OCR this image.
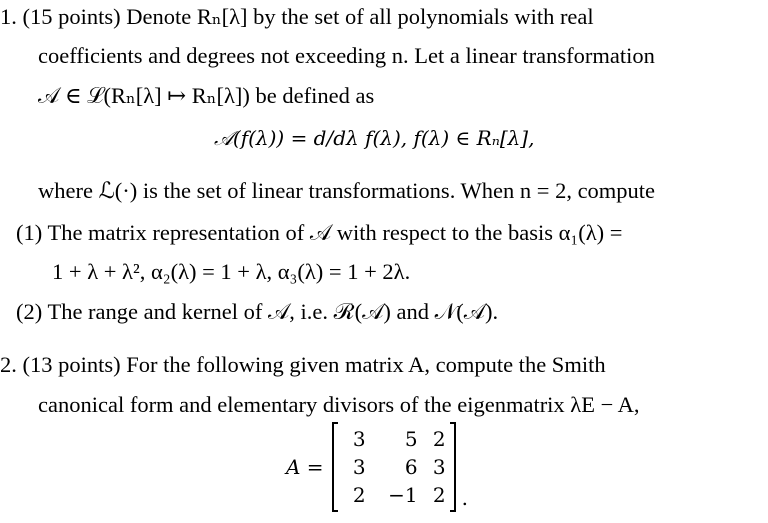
1. (15 points) Denote Rₙ[λ] by the set of all polynomials with real
coefficients and degrees not exceeding n. Let a linear transformation
𝒜 ∈ ℒ(Rₙ[λ] ↦ Rₙ[λ]) be defined as
𝒜(f(λ)) = d/dλ f(λ), f(λ) ∈ Rₙ[λ],
where ℒ(·) is the set of linear transformations. When n = 2, compute
(1) The matrix representation of 𝒜 with respect to the basis α₁(λ) =
1 + λ + λ², α₂(λ) = 1 + λ, α₃(λ) = 1 + 2λ.
(2) The range and kernel of 𝒜, i.e. ℛ(𝒜) and 𝒩(𝒜).
2. (13 points) For the following given matrix A, compute the Smith
canonical form and elementary divisors of the eigenmatrix λE − A,
A =
3 5 2
3 6 3
2 −1 2 .
